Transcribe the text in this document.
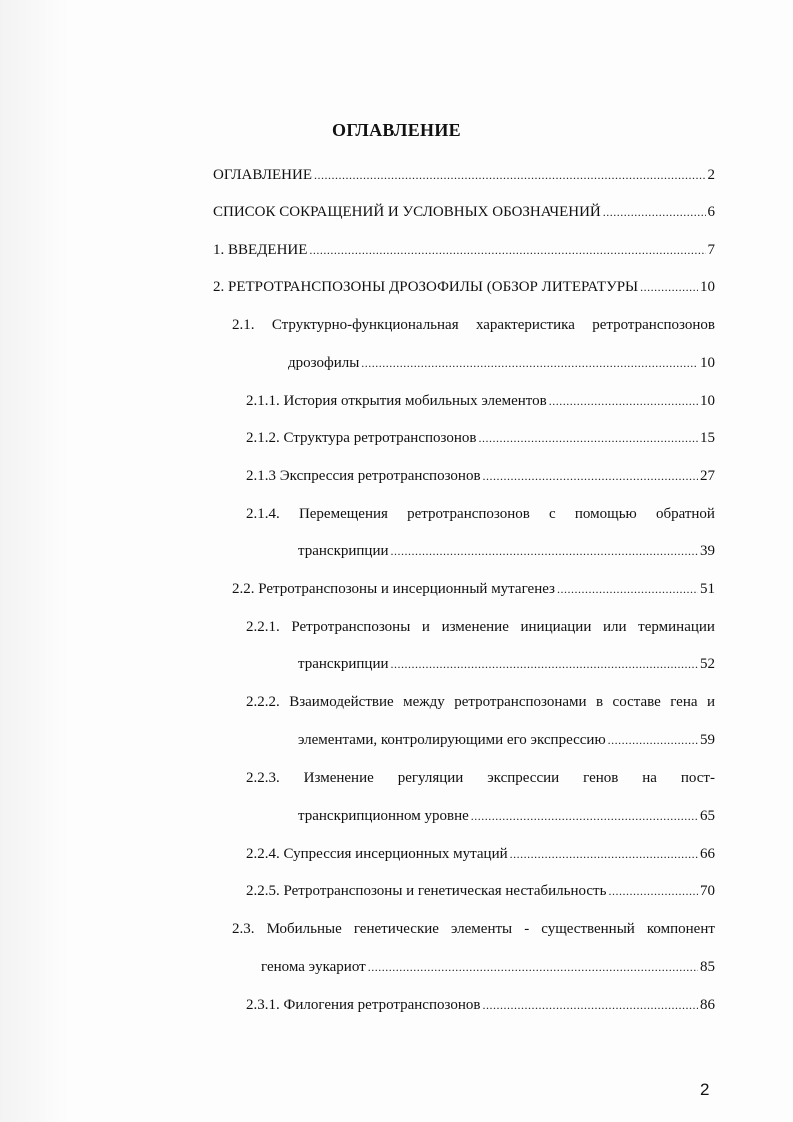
ОГЛАВЛЕНИЕ
ОГЛАВЛЕНИЕ .....	2
СПИСОК СОКРАЩЕНИЙ И УСЛОВНЫХ ОБОЗНАЧЕНИЙ .....	6
1. ВВЕДЕНИЕ .....	7
2. РЕТРОТРАНСПОЗОНЫ ДРОЗОФИЛЫ (ОБЗОР ЛИТЕРАТУРЫ .....	10
2.1. Структурно-функциональная характеристика ретротранспозонов
дрозофилы .....	10
2.1.1. История открытия мобильных элементов .....	10
2.1.2. Структура ретротранспозонов .....	15
2.1.3 Экспрессия ретротранспозонов .....	27
2.1.4. Перемещения ретротранспозонов с помощью обратной
транскрипции .....	39
2.2. Ретротранспозоны и инсерционный мутагенез .....	51
2.2.1. Ретротранспозоны и изменение инициации или терминации
транскрипции .....	52
2.2.2. Взаимодействие между ретротранспозонами в составе гена и
элементами, контролирующими его экспрессию .....	59
2.2.3. Изменение регуляции экспрессии генов на пост-
транскрипционном уровне .....	65
2.2.4. Супрессия инсерционных мутаций .....	66
2.2.5. Ретротранспозоны и генетическая нестабильность .....	70
2.3. Мобильные генетические элементы - существенный компонент
генома эукариот .....	85
2.3.1. Филогения ретротранспозонов .....	86
2
